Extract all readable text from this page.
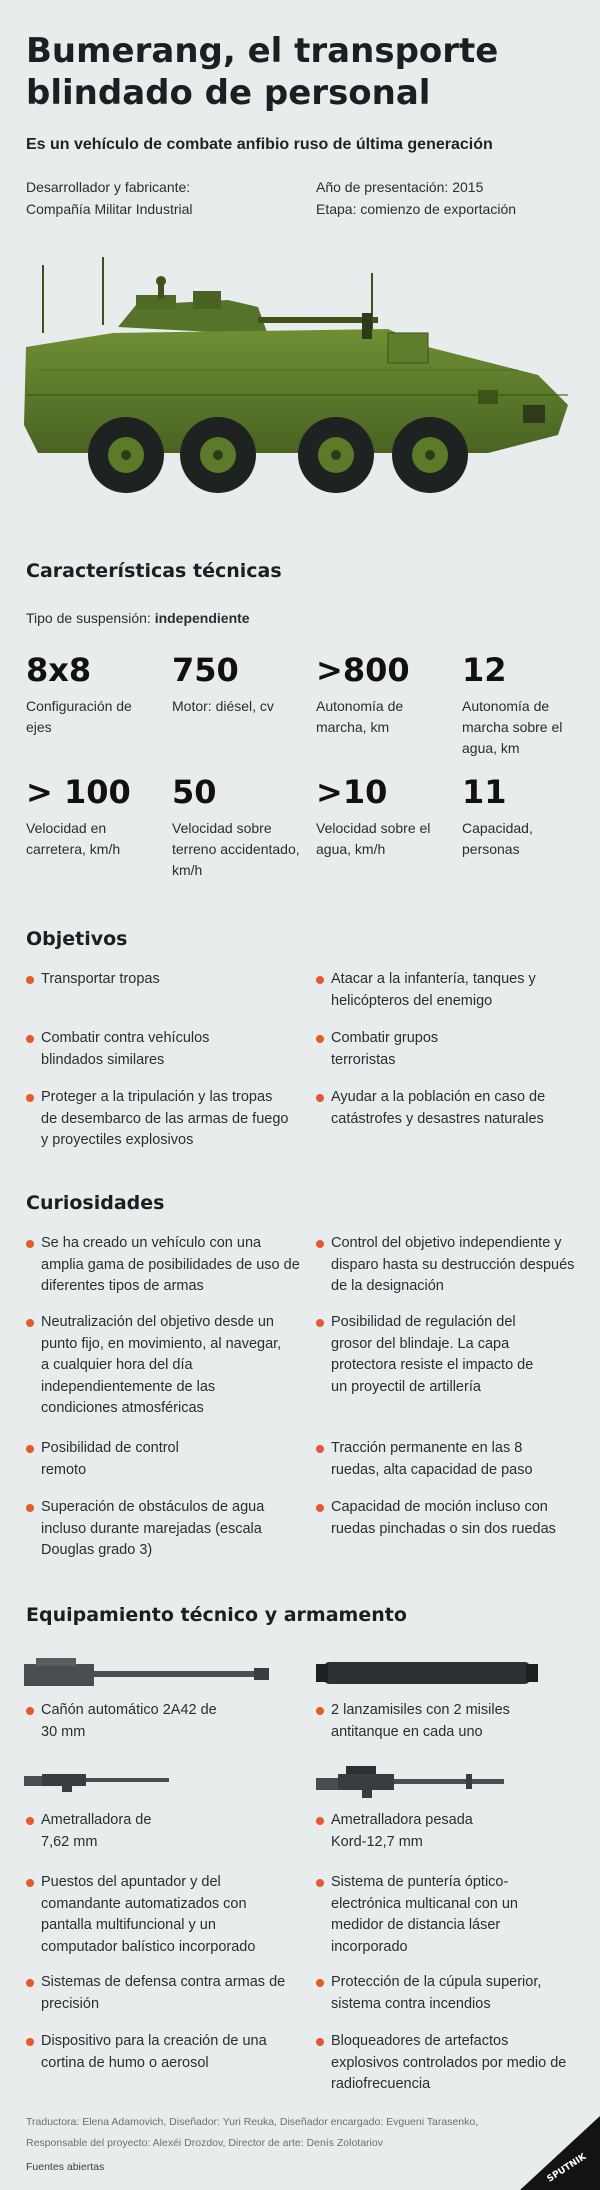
Bumerang, el transporte blindado de personal
Es un vehículo de combate anfibio ruso de última generación
Desarrollador y fabricante:
Compañía Militar Industrial
Año de presentación: 2015
Etapa: comienzo de exportación
Características técnicas
Tipo de suspensión: independiente
8x8
Configuración de ejes
750
Motor: diésel, cv
>800
Autonomía de marcha, km
12
Autonomía de marcha sobre el agua, km
> 100
Velocidad en carretera, km/h
50
Velocidad sobre terreno accidentado, km/h
>10
Velocidad sobre el agua, km/h
11
Capacidad, personas
Objetivos
Transportar tropas	Atacar a la infantería, tanques y helicópteros del enemigo
Combatir contra vehículos blindados similares
Combatir grupos terroristas
Proteger a la tripulación y las tropas de desembarco de las armas de fuego y proyectiles explosivos
Ayudar a la población en caso de catástrofes y desastres naturales
Curiosidades
Se ha creado un vehículo con una amplia gama de posibilidades de uso de diferentes tipos de armas
Control del objetivo independiente y disparo hasta su destrucción después de la designación
Neutralización del objetivo desde un punto fijo, en movimiento, al navegar, a cualquier hora del día independientemente de las condiciones atmosféricas
Posibilidad de regulación del grosor del blindaje. La capa protectora resiste el impacto de un proyectil de artillería
Posibilidad de control remoto
Tracción permanente en las 8 ruedas, alta capacidad de paso
Superación de obstáculos de agua incluso durante marejadas (escala Douglas grado 3)
Capacidad de moción incluso con ruedas pinchadas o sin dos ruedas
Equipamiento técnico y armamento
Cañón automático 2A42 de 30 mm
2 lanzamisiles con 2 misiles antitanque en cada uno
Ametralladora de 7,62 mm
Ametralladora pesada Kord-12,7 mm
Puestos del apuntador y del comandante automatizados con pantalla multifuncional y un computador balístico incorporado
Sistema de puntería óptico-electrónica multicanal con un medidor de distancia láser incorporado
Sistemas de defensa contra armas de precisión
Protección de la cúpula superior, sistema contra incendios
Dispositivo para la creación de una cortina de humo o aerosol
Bloqueadores de artefactos explosivos controlados por medio de radiofrecuencia
Traductora: Elena Adamovich, Diseñador: Yuri Reuka, Diseñador encargado: Evgueni Tarasenko,
Responsable del proyecto: Alexéi Drozdov, Director de arte: Denís Zolotariov
Fuentes abiertas	SPUTNIK
